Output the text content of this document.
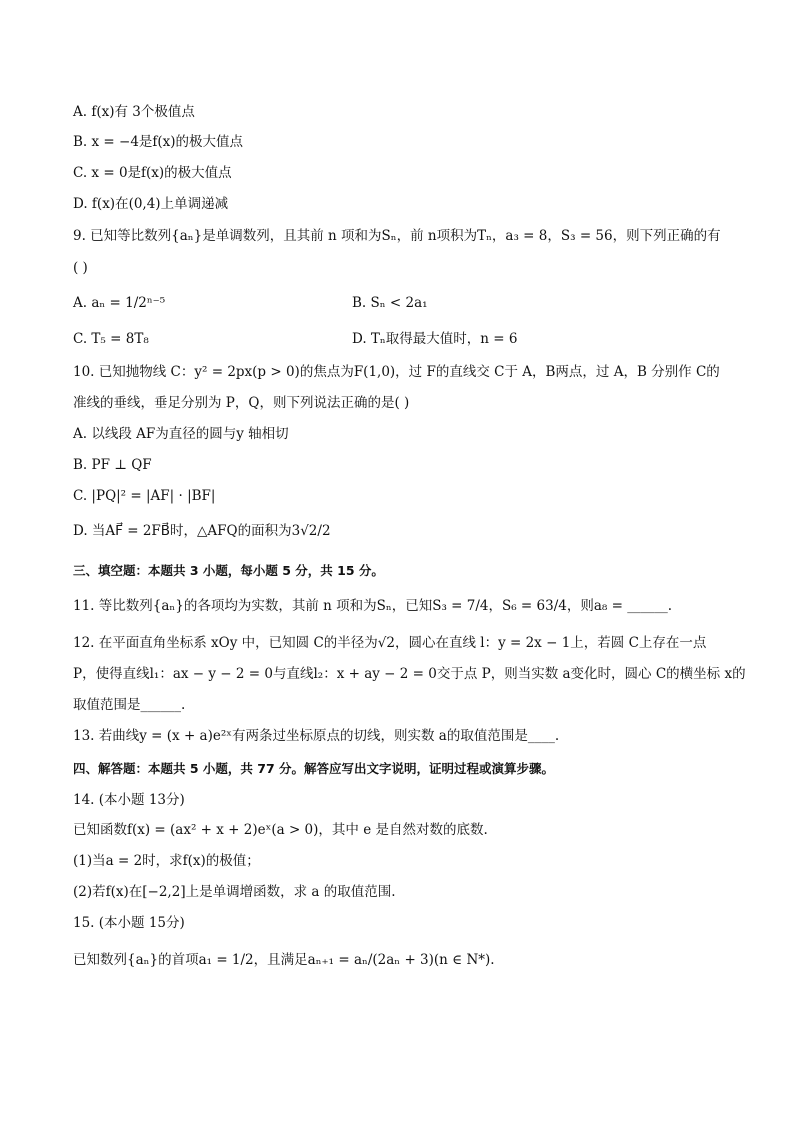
A. f(x)有 3个极值点
B. x = −4是f(x)的极大值点
C. x = 0是f(x)的极大值点
D. f(x)在(0,4)上单调递减
9. 已知等比数列{aₙ}是单调数列，且其前 n 项和为Sₙ，前 n项积为Tₙ，a₃ = 8，S₃ = 56，则下列正确的有
( )
A. aₙ = 1/2ⁿ⁻⁵	B. Sₙ < 2a₁
C. T₅ = 8T₈	D. Tₙ取得最大值时，n = 6
10. 已知抛物线 C：y² = 2px(p > 0)的焦点为F(1,0)，过 F的直线交 C于 A，B两点，过 A，B 分别作 C的
准线的垂线，垂足分别为 P，Q，则下列说法正确的是( )
A. 以线段 AF为直径的圆与y 轴相切
B. PF ⊥ QF
C. |PQ|² = |AF| · |BF|
D. 当AF⃗ = 2FB⃗时，△AFQ的面积为3√2/2
三、填空题：本题共 3 小题，每小题 5 分，共 15 分。
11. 等比数列{aₙ}的各项均为实数，其前 n 项和为Sₙ，已知S₃ = 7/4，S₆ = 63/4，则a₈ = ______.
12. 在平面直角坐标系 xOy 中，已知圆 C的半径为√2，圆心在直线 l：y = 2x − 1上，若圆 C上存在一点
P，使得直线l₁：ax − y − 2 = 0与直线l₂：x + ay − 2 = 0交于点 P，则当实数 a变化时，圆心 C的横坐标 x的
取值范围是______.
13. 若曲线y = (x + a)e²ˣ有两条过坐标原点的切线，则实数 a的取值范围是____.
四、解答题：本题共 5 小题，共 77 分。解答应写出文字说明，证明过程或演算步骤。
14. (本小题 13分)
已知函数f(x) = (ax² + x + 2)eˣ(a > 0)，其中 e 是自然对数的底数.
(1)当a = 2时，求f(x)的极值；
(2)若f(x)在[−2,2]上是单调增函数，求 a 的取值范围.
15. (本小题 15分)
已知数列{aₙ}的首项a₁ = 1/2，且满足aₙ₊₁ = aₙ/(2aₙ + 3)(n ∈ N*).
